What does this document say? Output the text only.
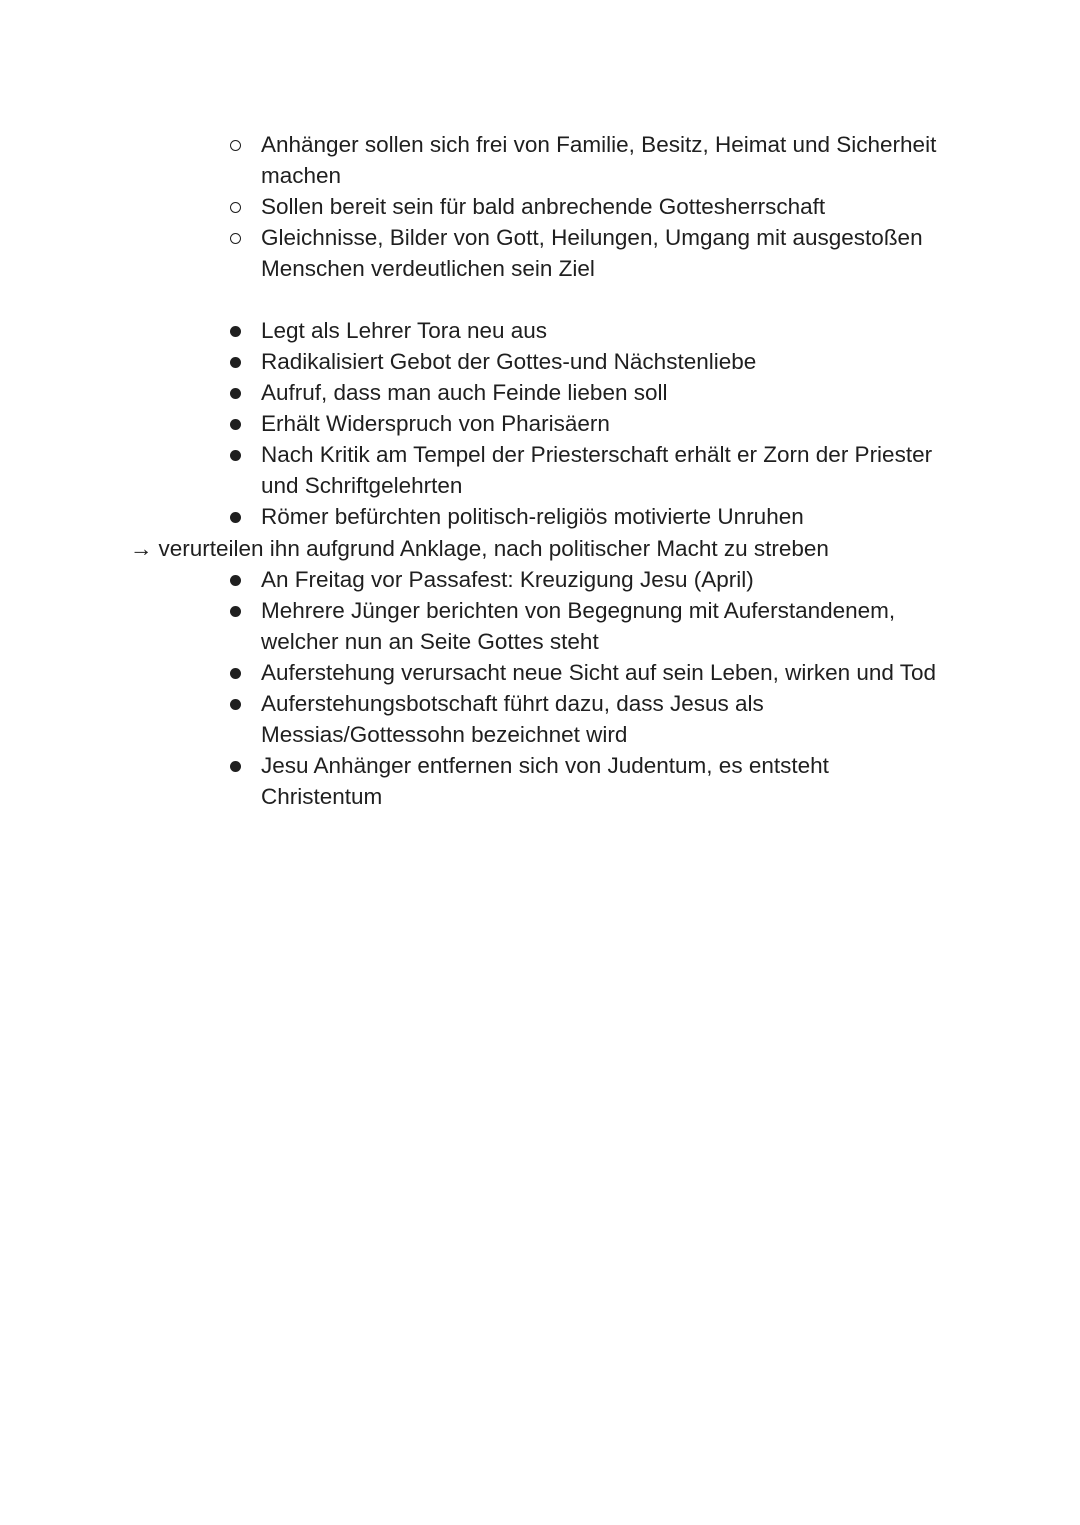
Anhänger sollen sich frei von Familie, Besitz, Heimat und Sicherheit machen
Sollen bereit sein für bald anbrechende Gottesherrschaft
Gleichnisse, Bilder von Gott, Heilungen, Umgang mit ausgestoßen Menschen verdeutlichen sein Ziel
Legt als Lehrer Tora neu aus
Radikalisiert Gebot der Gottes-und Nächstenliebe
Aufruf, dass man auch Feinde lieben soll
Erhält Widerspruch von Pharisäern
Nach Kritik am Tempel der Priesterschaft erhält er Zorn der Priester und Schriftgelehrten
Römer befürchten politisch-religiös motivierte Unruhen
→ verurteilen ihn aufgrund Anklage, nach politischer Macht zu streben
An Freitag vor Passafest: Kreuzigung Jesu (April)
Mehrere Jünger berichten von Begegnung mit Auferstandenem, welcher nun an Seite Gottes steht
Auferstehung verursacht neue Sicht auf sein Leben, wirken und Tod
Auferstehungsbotschaft führt dazu, dass Jesus als Messias/Gottessohn bezeichnet wird
Jesu Anhänger entfernen sich von Judentum, es entsteht Christentum
